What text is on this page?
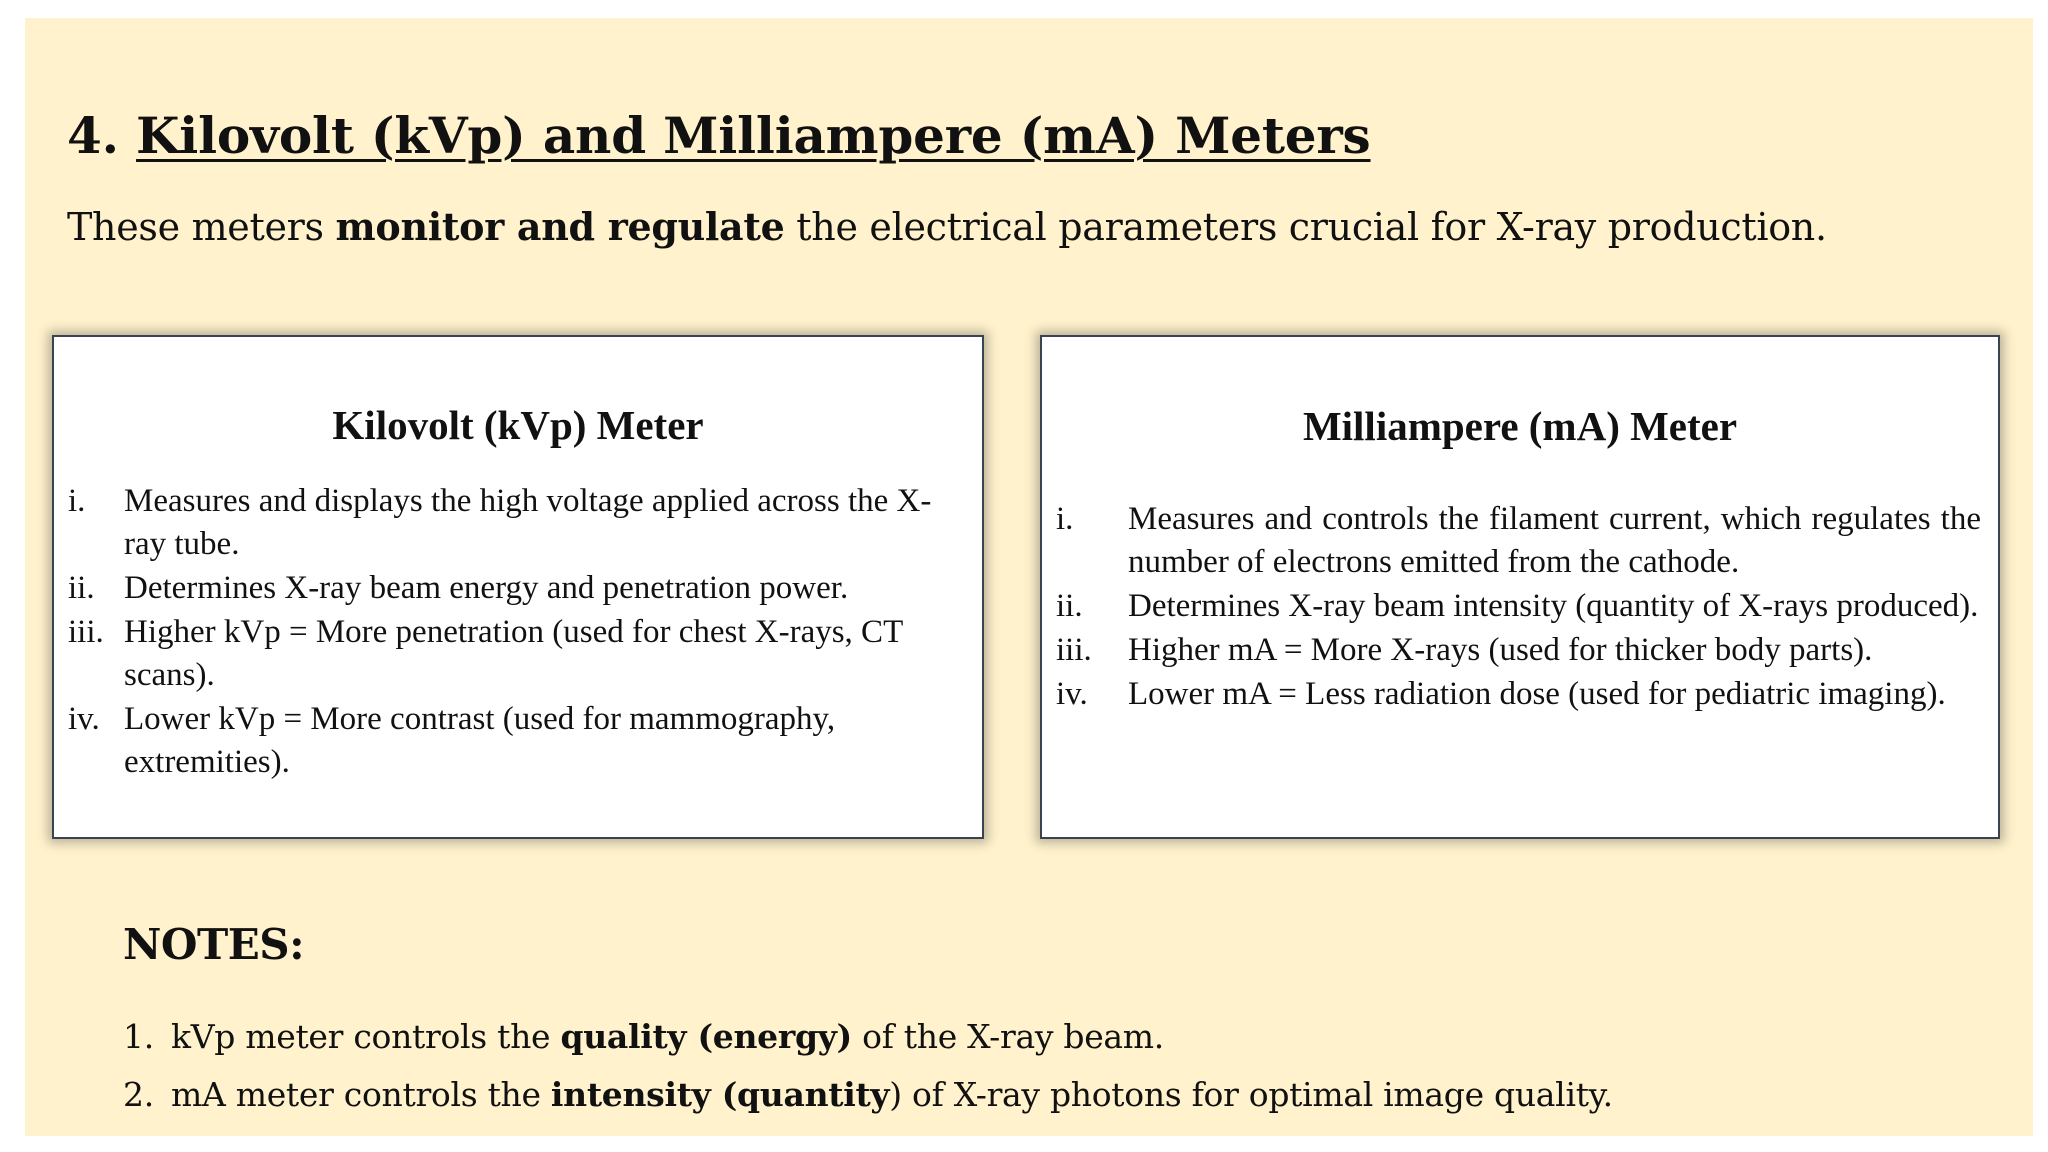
4. Kilovolt (kVp) and Milliampere (mA) Meters

These meters monitor and regulate the electrical parameters crucial for X-ray production.

Kilovolt (kVp) Meter
i.	Measures and displays the high voltage applied across the X-ray tube.
ii. Determines X-ray beam energy and penetration power.
iii. Higher kVp = More penetration (used for chest X-rays, CT scans).
iv. Lower kVp = More contrast (used for mammography, extremities).
Milliampere (mA) Meter
i.	Measures and controls the filament current, which regulates the number of electrons emitted from the cathode.
ii.	Determines X-ray beam intensity (quantity of X-rays produced).
iii.	Higher mA = More X-rays (used for thicker body parts).
iv.	Lower mA = Less radiation dose (used for pediatric imaging).
NOTES:
1. kVp meter controls the quality (energy) of the X-ray beam.
2. mA meter controls the intensity (quantity) of X-ray photons for optimal image quality.
